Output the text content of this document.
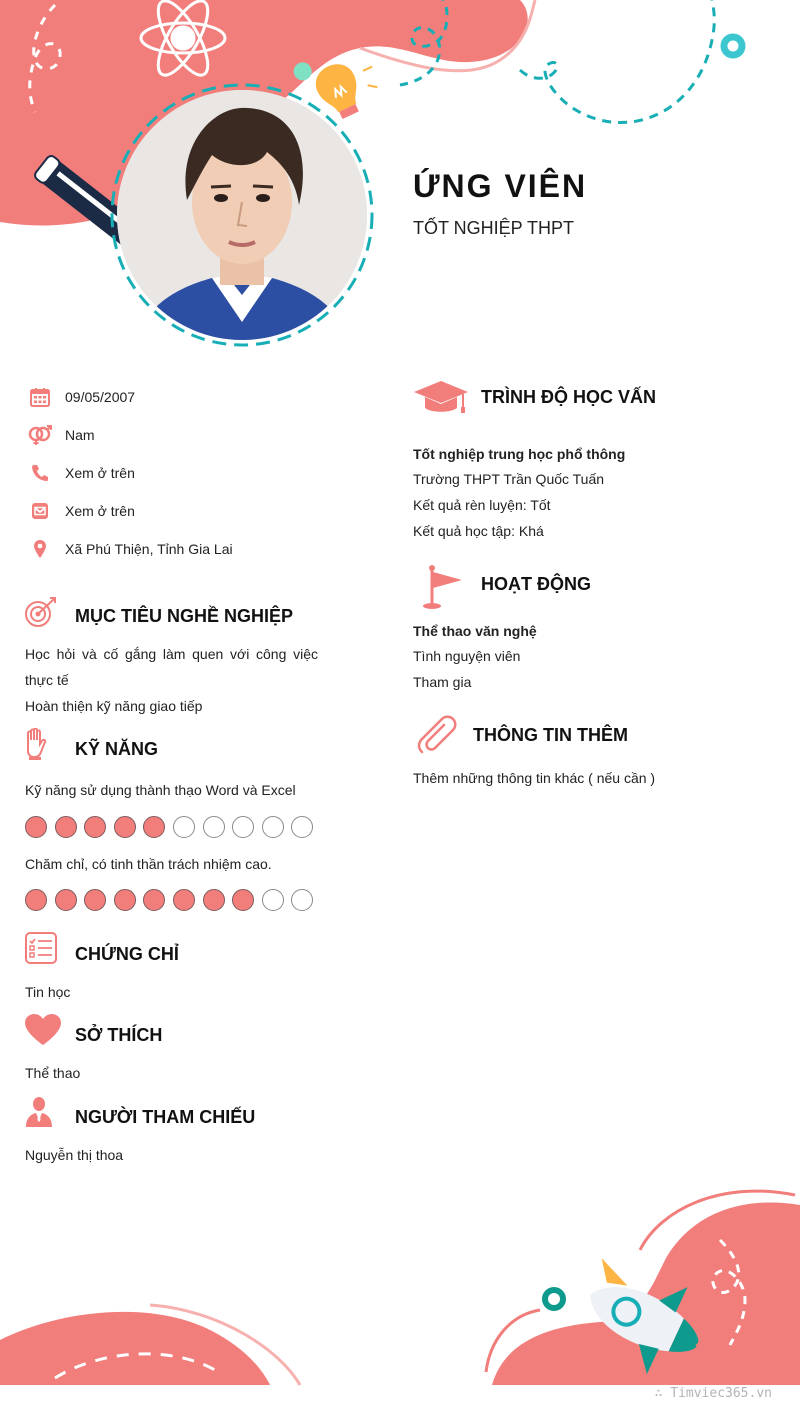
ỨNG VIÊN
TỐT NGHIỆP THPT
09/05/2007
Nam
Xem ở trên
Xem ở trên
Xã Phú Thiện, Tỉnh Gia Lai
MỤC TIÊU NGHỀ NGHIỆP
Học hỏi và cố gắng làm quen với công việc
thực tế
Hoàn thiện kỹ năng giao tiếp
KỸ NĂNG
Kỹ năng sử dụng thành thạo Word và Excel
Chăm chỉ, có tinh thần trách nhiệm cao.
CHỨNG CHỈ
Tin học
SỞ THÍCH
Thể thao
NGƯỜI THAM CHIẾU
Nguyễn thị thoa
TRÌNH ĐỘ HỌC VẤN
Tốt nghiệp trung học phổ thông
Trường THPT Trần Quốc Tuấn
Kết quả rèn luyện: Tốt
Kết quả học tập: Khá
HOẠT ĐỘNG
Thể thao văn nghệ
Tình nguyện viên
Tham gia
THÔNG TIN THÊM
Thêm những thông tin khác ( nếu cần )
∴ Timviec365.vn
